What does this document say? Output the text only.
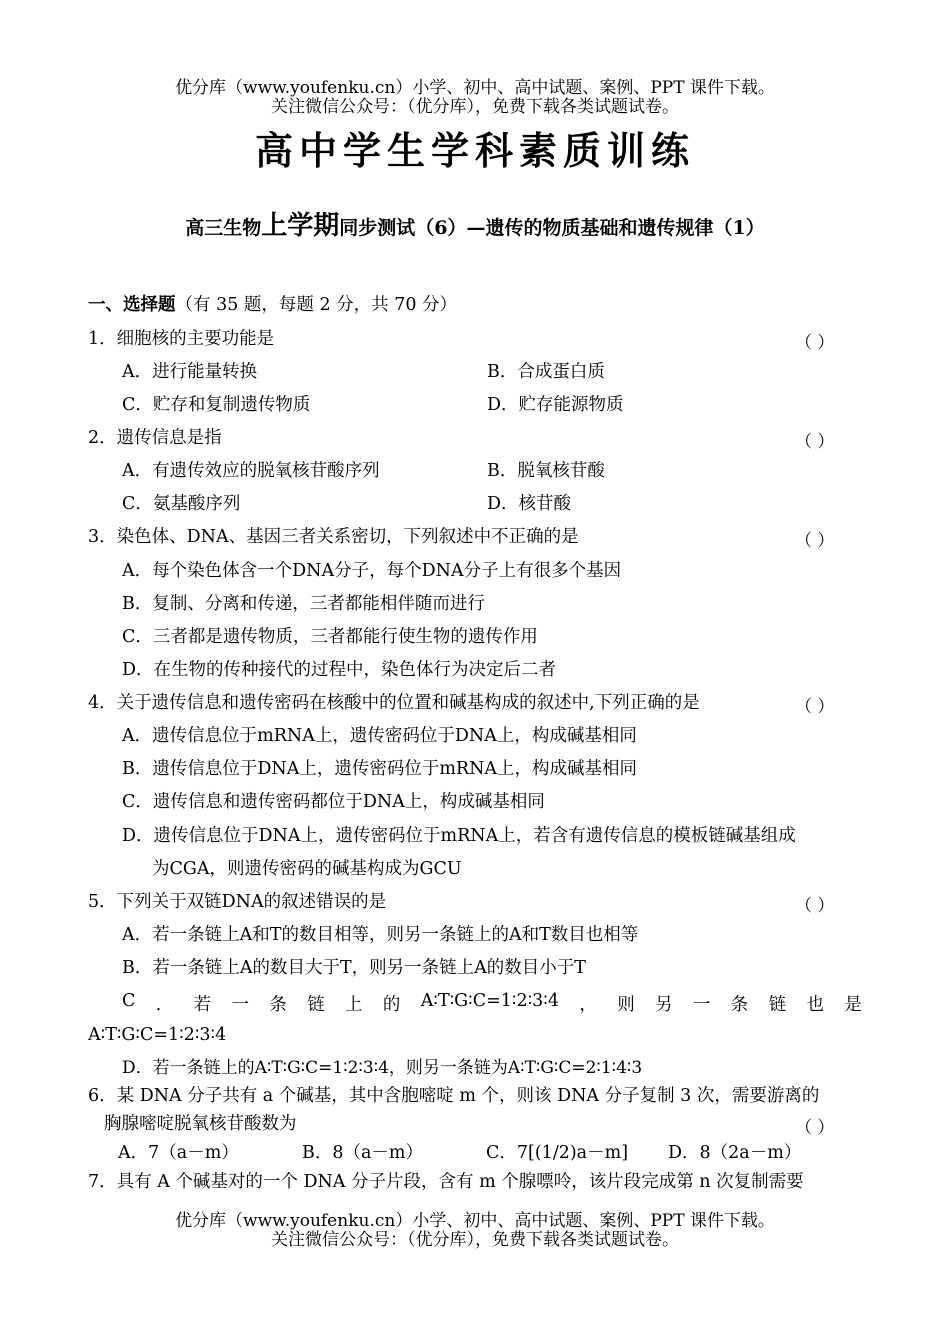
优分库（www.youfenku.cn）小学、初中、高中试题、案例、PPT 课件下载。
关注微信公众号：（优分库），免费下载各类试题试卷。
高中学生学科素质训练
高三生物上学期同步测试（6）—遗传的物质基础和遗传规律（1）
一、选择题（有 35 题，每题 2 分，共 70 分）
1．细胞核的主要功能是	（ ）
A．进行能量转换	B．合成蛋白质
C．贮存和复制遗传物质	D．贮存能源物质
2．遗传信息是指	（ ）
A．有遗传效应的脱氧核苷酸序列	B．脱氧核苷酸
C．氨基酸序列	D．核苷酸
3．染色体、DNA、基因三者关系密切，下列叙述中不正确的是	（ ）
A．每个染色体含一个DNA分子，每个DNA分子上有很多个基因
B．复制、分离和传递，三者都能相伴随而进行
C．三者都是遗传物质，三者都能行使生物的遗传作用
D．在生物的传种接代的过程中，染色体行为决定后二者
4．关于遗传信息和遗传密码在核酸中的位置和碱基构成的叙述中,下列正确的是	（ ）
A．遗传信息位于mRNA上，遗传密码位于DNA上，构成碱基相同
B．遗传信息位于DNA上，遗传密码位于mRNA上，构成碱基相同
C．遗传信息和遗传密码都位于DNA上，构成碱基相同
D．遗传信息位于DNA上，遗传密码位于mRNA上，若含有遗传信息的模板链碱基组成
为CGA，则遗传密码的碱基构成为GCU
5．下列关于双链DNA的叙述错误的是	（ ）
A．若一条链上A和T的数目相等，则另一条链上的A和T数目也相等
B．若一条链上A的数目大于T，则另一条链上A的数目小于T
C ． 若 一 条 链 上 的 A∶T∶G∶C=1∶2∶3∶4 ， 则 另 一 条 链 也 是
A∶T∶G∶C=1∶2∶3∶4
D．若一条链上的A∶T∶G∶C=1∶2∶3∶4，则另一条链为A∶T∶G∶C=2∶1∶4∶3
6．某 DNA 分子共有 a 个碱基，其中含胞嘧啶 m 个，则该 DNA 分子复制 3 次，需要游离的
胸腺嘧啶脱氧核苷酸数为	（ ）
A．7（a－m）	B．8（a－m）	C．7[(1/2)a－m] D．8（2a－m）
7．具有 A 个碱基对的一个 DNA 分子片段，含有 m 个腺嘌呤，该片段完成第 n 次复制需要
优分库（www.youfenku.cn）小学、初中、高中试题、案例、PPT 课件下载。
关注微信公众号：（优分库），免费下载各类试题试卷。
